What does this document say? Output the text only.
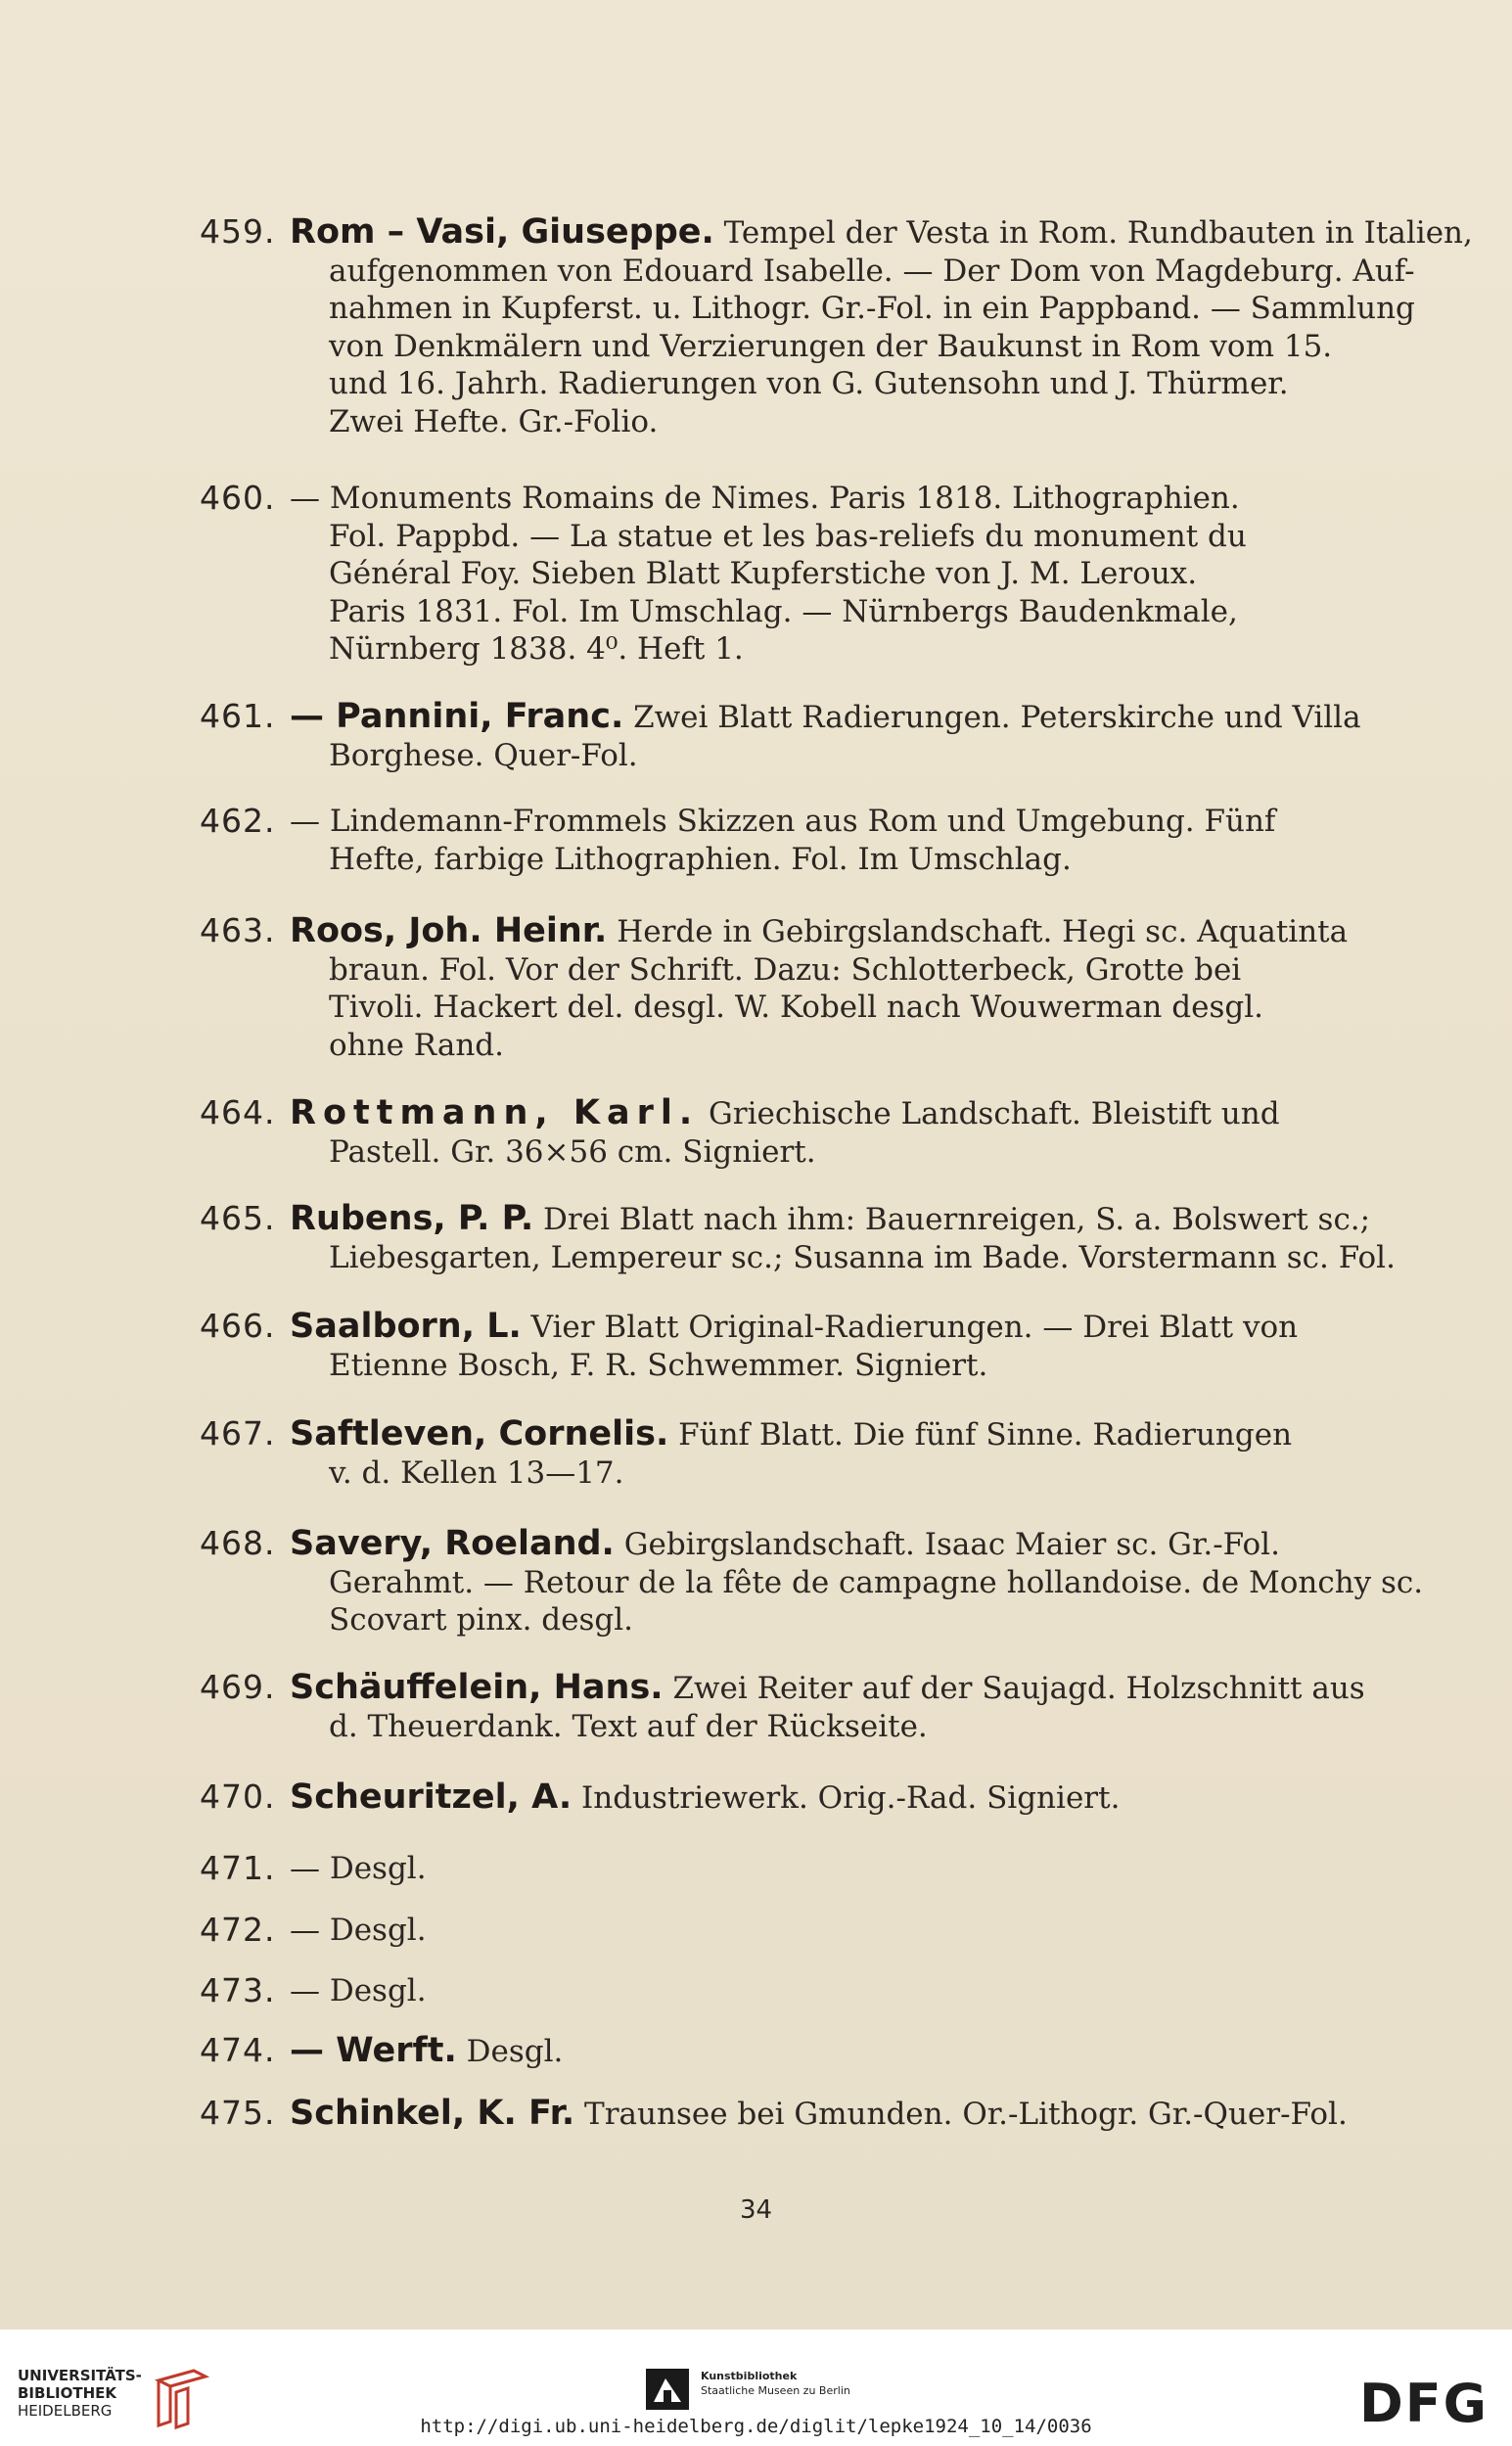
459. Rom – Vasi, Giuseppe. Tempel der Vesta in Rom. Rundbauten in Italien,
aufgenommen von Edouard Isabelle. — Der Dom von Magdeburg. Auf-
nahmen in Kupferst. u. Lithogr. Gr.-Fol. in ein Pappband. — Sammlung
von Denkmälern und Verzierungen der Baukunst in Rom vom 15.
und 16. Jahrh. Radierungen von G. Gutensohn und J. Thürmer.
Zwei Hefte. Gr.-Folio.
460. — Monuments Romains de Nimes. Paris 1818. Lithographien.
Fol. Pappbd. — La statue et les bas-reliefs du monument du
Général Foy. Sieben Blatt Kupferstiche von J. M. Leroux.
Paris 1831. Fol. Im Umschlag. — Nürnbergs Baudenkmale,
Nürnberg 1838. 4⁰. Heft 1.
461. — Pannini, Franc. Zwei Blatt Radierungen. Peterskirche und Villa
Borghese. Quer-Fol.
462. — Lindemann-Frommels Skizzen aus Rom und Umgebung. Fünf
Hefte, farbige Lithographien. Fol. Im Umschlag.
463. Roos, Joh. Heinr. Herde in Gebirgslandschaft. Hegi sc. Aquatinta
braun. Fol. Vor der Schrift. Dazu: Schlotterbeck, Grotte bei
Tivoli. Hackert del. desgl. W. Kobell nach Wouwerman desgl.
ohne Rand.
464. Rottmann, Karl. Griechische Landschaft. Bleistift und
Pastell. Gr. 36×56 cm. Signiert.
465. Rubens, P. P. Drei Blatt nach ihm: Bauernreigen, S. a. Bolswert sc.;
Liebesgarten, Lempereur sc.; Susanna im Bade. Vorstermann sc. Fol.
466. Saalborn, L. Vier Blatt Original-Radierungen. — Drei Blatt von
Etienne Bosch, F. R. Schwemmer. Signiert.
467. Saftleven, Cornelis. Fünf Blatt. Die fünf Sinne. Radierungen
v. d. Kellen 13—17.
468. Savery, Roeland. Gebirgslandschaft. Isaac Maier sc. Gr.-Fol.
Gerahmt. — Retour de la fête de campagne hollandoise. de Monchy sc.
Scovart pinx. desgl.
469. Schäuffelein, Hans. Zwei Reiter auf der Saujagd. Holzschnitt aus
d. Theuerdank. Text auf der Rückseite.
470. Scheuritzel, A. Industriewerk. Orig.-Rad. Signiert.
471. — Desgl.
472. — Desgl.
473. — Desgl.
474. — Werft. Desgl.
475. Schinkel, K. Fr. Traunsee bei Gmunden. Or.-Lithogr. Gr.-Quer-Fol.
34
UNIVERSITÄTS-
BIBLIOTHEK
HEIDELBERG
Kunstbibliothek
Staatliche Museen zu Berlin	DFG
http://digi.ub.uni-heidelberg.de/diglit/lepke1924_10_14/0036
